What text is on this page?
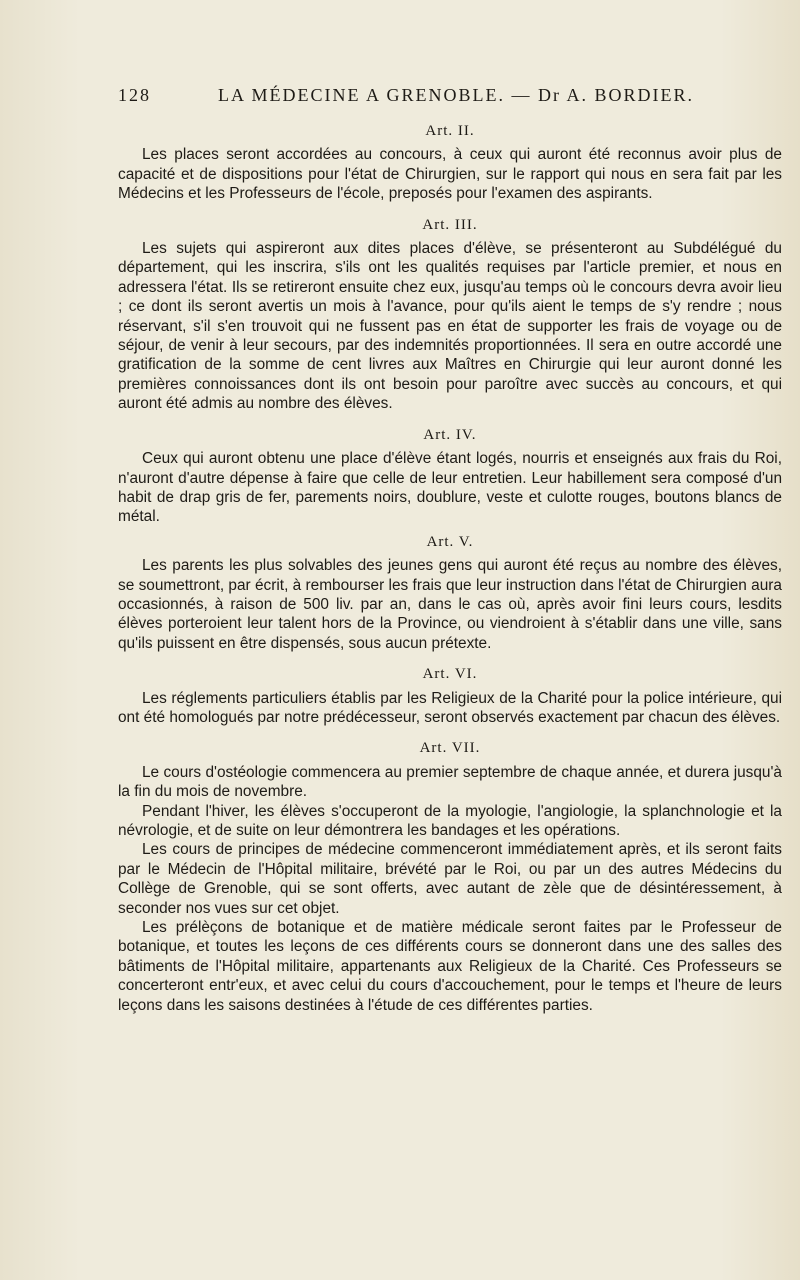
128	LA MÉDECINE A GRENOBLE. — Dr A. BORDIER.
Art. II.

Les places seront accordées au concours, à ceux qui auront été reconnus avoir plus de capacité et de dispositions pour l'état de Chirurgien, sur le rapport qui nous en sera fait par les Médecins et les Professeurs de l'école, preposés pour l'examen des aspirants.

Art. III.

Les sujets qui aspireront aux dites places d'élève, se présenteront au Subdélégué du département, qui les inscrira, s'ils ont les qualités requises par l'article premier, et nous en adressera l'état. Ils se retireront ensuite chez eux, jusqu'au temps où le concours devra avoir lieu ; ce dont ils seront avertis un mois à l'avance, pour qu'ils aient le temps de s'y rendre ; nous réservant, s'il s'en trouvoit qui ne fussent pas en état de supporter les frais de voyage ou de séjour, de venir à leur secours, par des indemnités proportionnées. Il sera en outre accordé une gratification de la somme de cent livres aux Maîtres en Chirurgie qui leur auront donné les premières connoissances dont ils ont besoin pour paroître avec succès au concours, et qui auront été admis au nombre des élèves.

Art. IV.

Ceux qui auront obtenu une place d'élève étant logés, nourris et enseignés aux frais du Roi, n'auront d'autre dépense à faire que celle de leur entretien. Leur habillement sera composé d'un habit de drap gris de fer, parements noirs, doublure, veste et culotte rouges, boutons blancs de métal.

Art. V.

Les parents les plus solvables des jeunes gens qui auront été reçus au nombre des élèves, se soumettront, par écrit, à rembourser les frais que leur instruction dans l'état de Chirurgien aura occasionnés, à raison de 500 liv. par an, dans le cas où, après avoir fini leurs cours, lesdits élèves porteroient leur talent hors de la Province, ou viendroient à s'établir dans une ville, sans qu'ils puissent en être dispensés, sous aucun prétexte.

Art. VI.

Les réglements particuliers établis par les Religieux de la Charité pour la police intérieure, qui ont été homologués par notre prédécesseur, seront observés exactement par chacun des élèves.

Art. VII.

Le cours d'ostéologie commencera au premier septembre de chaque année, et durera jusqu'à la fin du mois de novembre.

Pendant l'hiver, les élèves s'occuperont de la myologie, l'angiologie, la splanchnologie et la névrologie, et de suite on leur démontrera les bandages et les opérations.

Les cours de principes de médecine commenceront immédiatement après, et ils seront faits par le Médecin de l'Hôpital militaire, brévété par le Roi, ou par un des autres Médecins du Collège de Grenoble, qui se sont offerts, avec autant de zèle que de désintéressement, à seconder nos vues sur cet objet.

Les prélèçons de botanique et de matière médicale seront faites par le Professeur de botanique, et toutes les leçons de ces différents cours se donneront dans une des salles des bâtiments de l'Hôpital militaire, appartenants aux Religieux de la Charité. Ces Professeurs se concerteront entr'eux, et avec celui du cours d'accouchement, pour le temps et l'heure de leurs leçons dans les saisons destinées à l'étude de ces différentes parties.
